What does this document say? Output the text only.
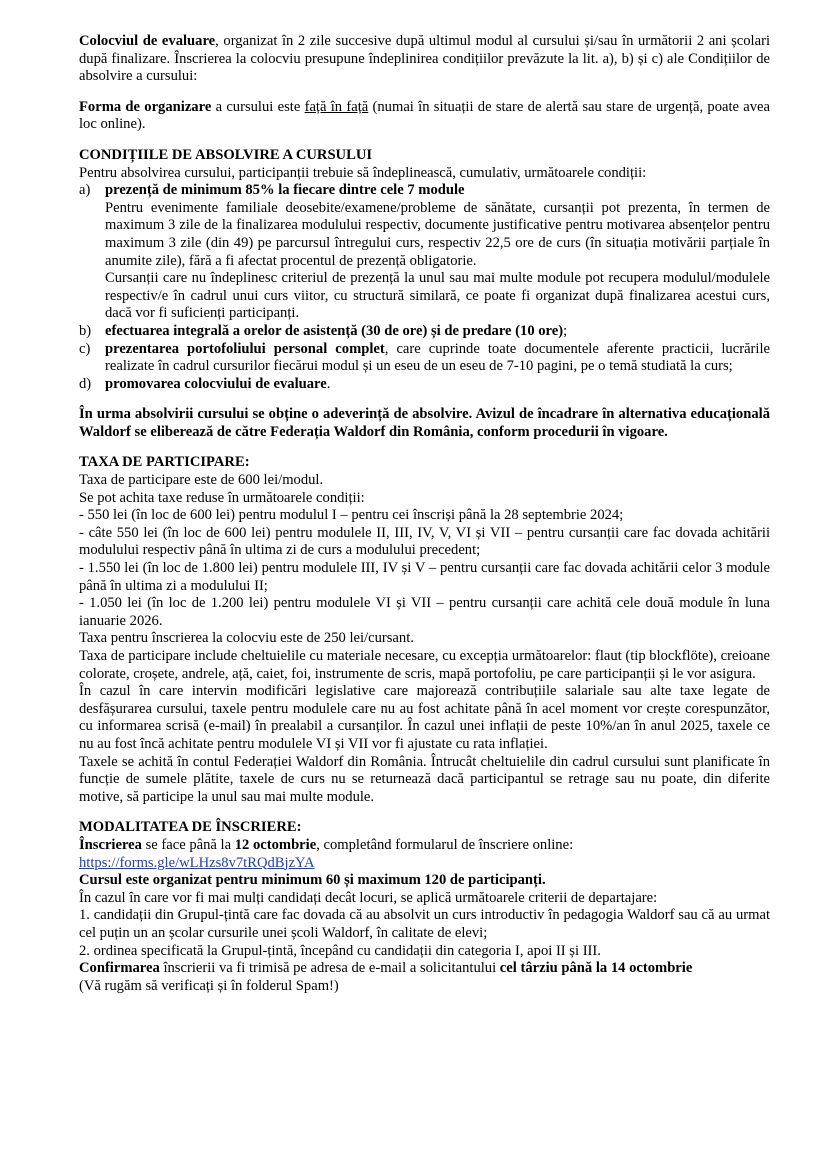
Colocviul de evaluare, organizat în 2 zile succesive după ultimul modul al cursului și/sau în următorii 2 ani școlari după finalizare. Înscrierea la colocviu presupune îndeplinirea condițiilor prevăzute la lit. a), b) și c) ale Condițiilor de absolvire a cursului:

Forma de organizare a cursului este față în față (numai în situații de stare de alertă sau stare de urgență, poate avea loc online).

CONDIȚIILE DE ABSOLVIRE A CURSULUI

Pentru absolvirea cursului, participanții trebuie să îndeplinească, cumulativ, următoarele condiții:

a)	prezență de minimum 85% la fiecare dintre cele 7 module

Pentru evenimente familiale deosebite/examene/probleme de sănătate, cursanții pot prezenta, în termen de maximum 3 zile de la finalizarea modulului respectiv, documente justificative pentru motivarea absențelor pentru maximum 3 zile (din 49) pe parcursul întregului curs, respectiv 22,5 ore de curs (în situația motivării parțiale în anumite zile), fără a fi afectat procentul de prezență obligatorie.

Cursanții care nu îndeplinesc criteriul de prezență la unul sau mai multe module pot recupera modulul/modulele respectiv/e în cadrul unui curs viitor, cu structură similară, ce poate fi organizat după finalizarea acestui curs, dacă vor fi suficienți participanți.

b) efectuarea integrală a orelor de asistență (30 de ore) și de predare (10 ore);

c)	prezentarea portofoliului personal complet, care cuprinde toate documentele aferente practicii, lucrările realizate în cadrul cursurilor fiecărui modul și un eseu de un eseu de 7-10 pagini, pe o temă studiată la curs;

d) promovarea colocviului de evaluare.

În urma absolvirii cursului se obține o adeverință de absolvire. Avizul de încadrare în alternativa educațională Waldorf se eliberează de către Federația Waldorf din România, conform procedurii în vigoare.

TAXA DE PARTICIPARE:

Taxa de participare este de 600 lei/modul.

Se pot achita taxe reduse în următoarele condiții:

- 550 lei (în loc de 600 lei) pentru modulul I – pentru cei înscriși până la 28 septembrie 2024;

- câte 550 lei (în loc de 600 lei) pentru modulele II, III, IV, V, VI și VII – pentru cursanții care fac dovada achitării modulului respectiv până în ultima zi de curs a modulului precedent;

- 1.550 lei (în loc de 1.800 lei) pentru modulele III, IV și V – pentru cursanții care fac dovada achitării celor 3 module până în ultima zi a modulului II;

- 1.050 lei (în loc de 1.200 lei) pentru modulele VI și VII – pentru cursanții care achită cele două module în luna ianuarie 2026.

Taxa pentru înscrierea la colocviu este de 250 lei/cursant.

Taxa de participare include cheltuielile cu materiale necesare, cu excepția următoarelor: flaut (tip blockflöte), creioane colorate, croșete, andrele, ață, caiet, foi, instrumente de scris, mapă portofoliu, pe care participanții și le vor asigura.

În cazul în care intervin modificări legislative care majorează contribuțiile salariale sau alte taxe legate de desfășurarea cursului, taxele pentru modulele care nu au fost achitate până în acel moment vor crește corespunzător, cu informarea scrisă (e-mail) în prealabil a cursanților. În cazul unei inflații de peste 10%/an în anul 2025, taxele ce nu au fost încă achitate pentru modulele VI și VII vor fi ajustate cu rata inflației.

Taxele se achită în contul Federației Waldorf din România. Întrucât cheltuielile din cadrul cursului sunt planificate în funcție de sumele plătite, taxele de curs nu se returnează dacă participantul se retrage sau nu poate, din diferite motive, să participe la unul sau mai multe module.

MODALITATEA DE ÎNSCRIERE:

Înscrierea se face până la 12 octombrie, completând formularul de înscriere online:

https://forms.gle/wLHzs8v7tRQdBjzYA

Cursul este organizat pentru minimum 60 și maximum 120 de participanți.

În cazul în care vor fi mai mulți candidați decât locuri, se aplică următoarele criterii de departajare:

1. candidații din Grupul-țintă care fac dovada că au absolvit un curs introductiv în pedagogia Waldorf sau că au urmat cel puțin un an școlar cursurile unei școli Waldorf, în calitate de elevi;

2. ordinea specificată la Grupul-țintă, începând cu candidații din categoria I, apoi II și III.

Confirmarea înscrierii va fi trimisă pe adresa de e-mail a solicitantului cel târziu până la 14 octombrie

(Vă rugăm să verificați și în folderul Spam!)
